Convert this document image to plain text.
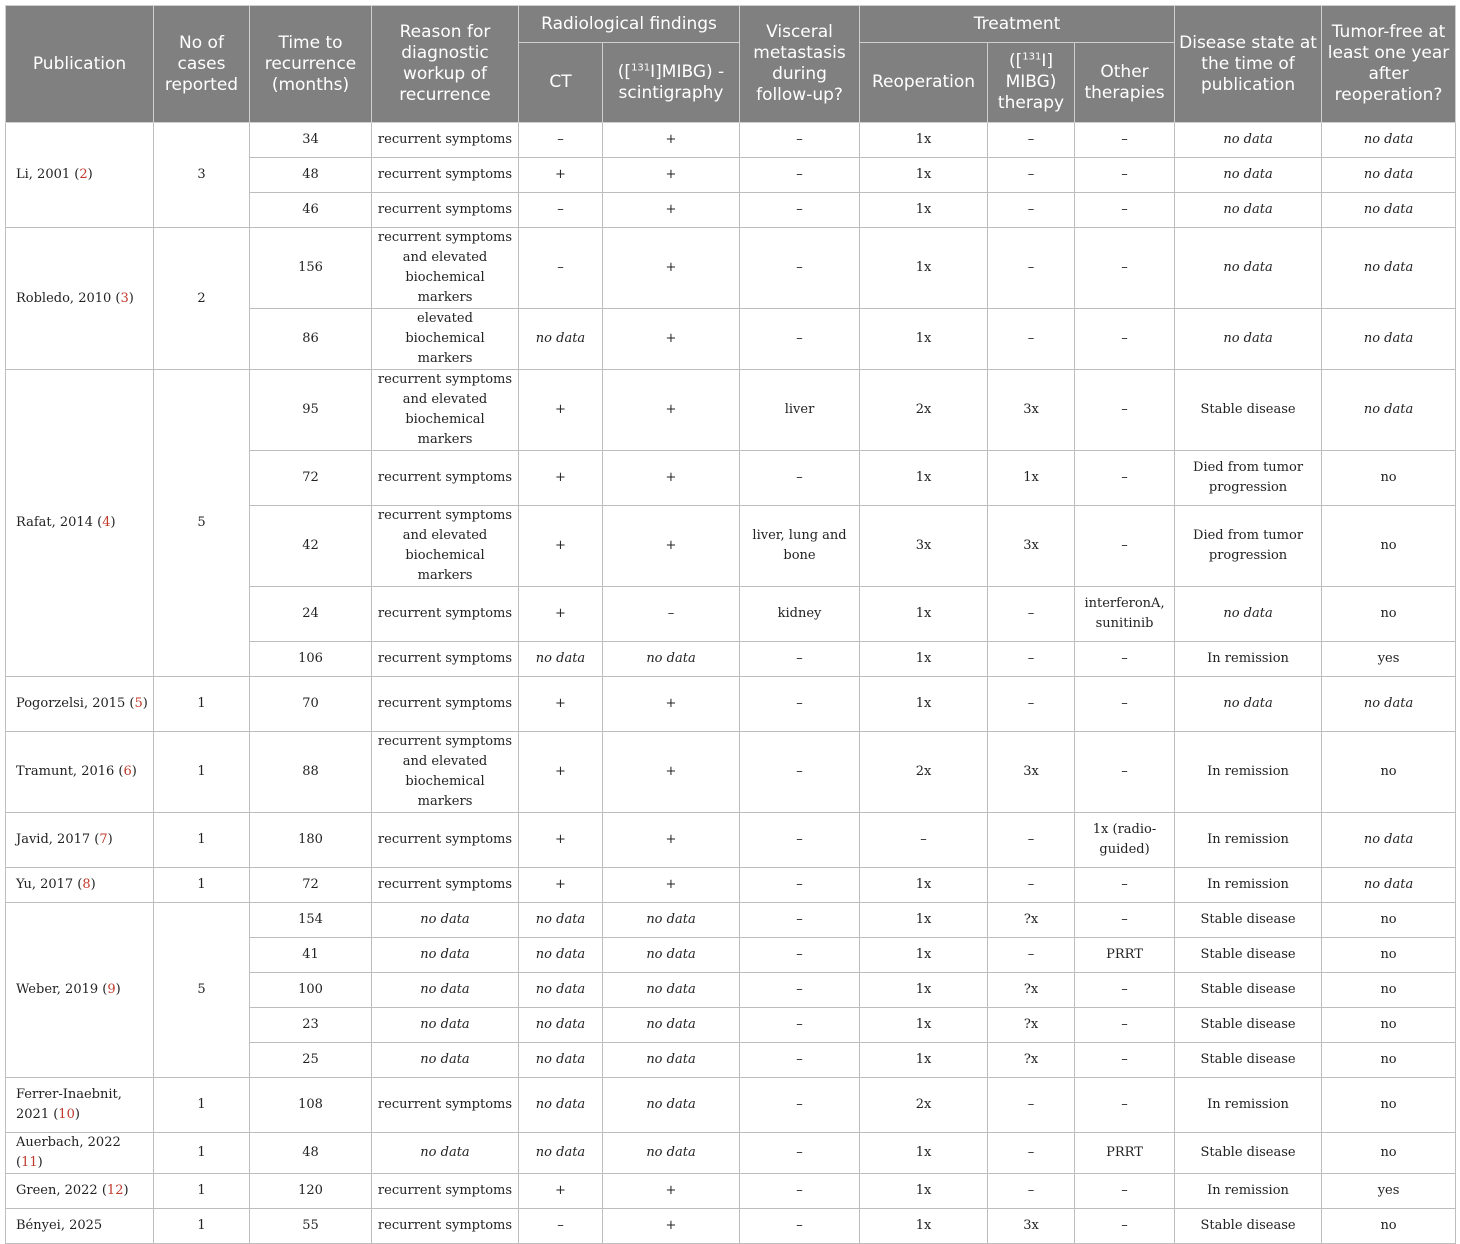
Publication	No of cases reported	Time to recurrence (months)	Reason for diagnostic workup of recurrence	Radiological findings		Visceral metastasis during follow-up?	Treatment			Disease state at the time of publication	Tumor-free at least one year after reoperation?
				CT	([$^{131}$I]MIBG) - scintigraphy		Reoperation	([$^{131}$I] MIBG) therapy	Other therapies		
Li, 2001 (2)	3	34	recurrent symptoms	–	+	–	1x	–	–	no data	no data
		48	recurrent symptoms	+	+	–	1x	–	–	no data	no data
		46	recurrent symptoms	–	+	–	1x	–	–	no data	no data
Robledo, 2010 (3)	2	156	recurrent symptoms and elevated biochemical markers	–	+	–	1x	–	–	no data	no data
		86	elevated biochemical markers	no data	+	–	1x	–	–	no data	no data
Rafat, 2014 (4)	5	95	recurrent symptoms and elevated biochemical markers	+	+	liver	2x	3x	–	Stable disease	no data
		72	recurrent symptoms	+	+	–	1x	1x	–	Died from tumor progression	no
		42	recurrent symptoms and elevated biochemical markers	+	+	liver, lung and bone	3x	3x	–	Died from tumor progression	no
		24	recurrent symptoms	+	–	kidney	1x	–	interferonA, sunitinib	no data	no
		106	recurrent symptoms	no data	no data	–	1x	–	–	In remission	yes
Pogorzelsi, 2015 (5)	1	70	recurrent symptoms	+	+	–	1x	–	–	no data	no data
Tramunt, 2016 (6)	1	88	recurrent symptoms and elevated biochemical markers	+	+	–	2x	3x	–	In remission	no
Javid, 2017 (7)	1	180	recurrent symptoms	+	+	–	–	–	1x (radio-guided)	In remission	no data
Yu, 2017 (8)	1	72	recurrent symptoms	+	+	–	1x	–	–	In remission	no data
Weber, 2019 (9)	5	154	no data	no data	no data	–	1x	?x	–	Stable disease	no
		41	no data	no data	no data	–	1x	–	PRRT	Stable disease	no
		100	no data	no data	no data	–	1x	?x	–	Stable disease	no
		23	no data	no data	no data	–	1x	?x	–	Stable disease	no
		25	no data	no data	no data	–	1x	?x	–	Stable disease	no
Ferrer-Inaebnit, 2021 (10)	1	108	recurrent symptoms	no data	no data	–	2x	–	–	In remission	no
Auerbach, 2022 (11)	1	48	no data	no data	no data	–	1x	–	PRRT	Stable disease	no
Green, 2022 (12)	1	120	recurrent symptoms	+	+	–	1x	–	–	In remission	yes
Bényei, 2025	1	55	recurrent symptoms	–	+	–	1x	3x	–	Stable disease	no
